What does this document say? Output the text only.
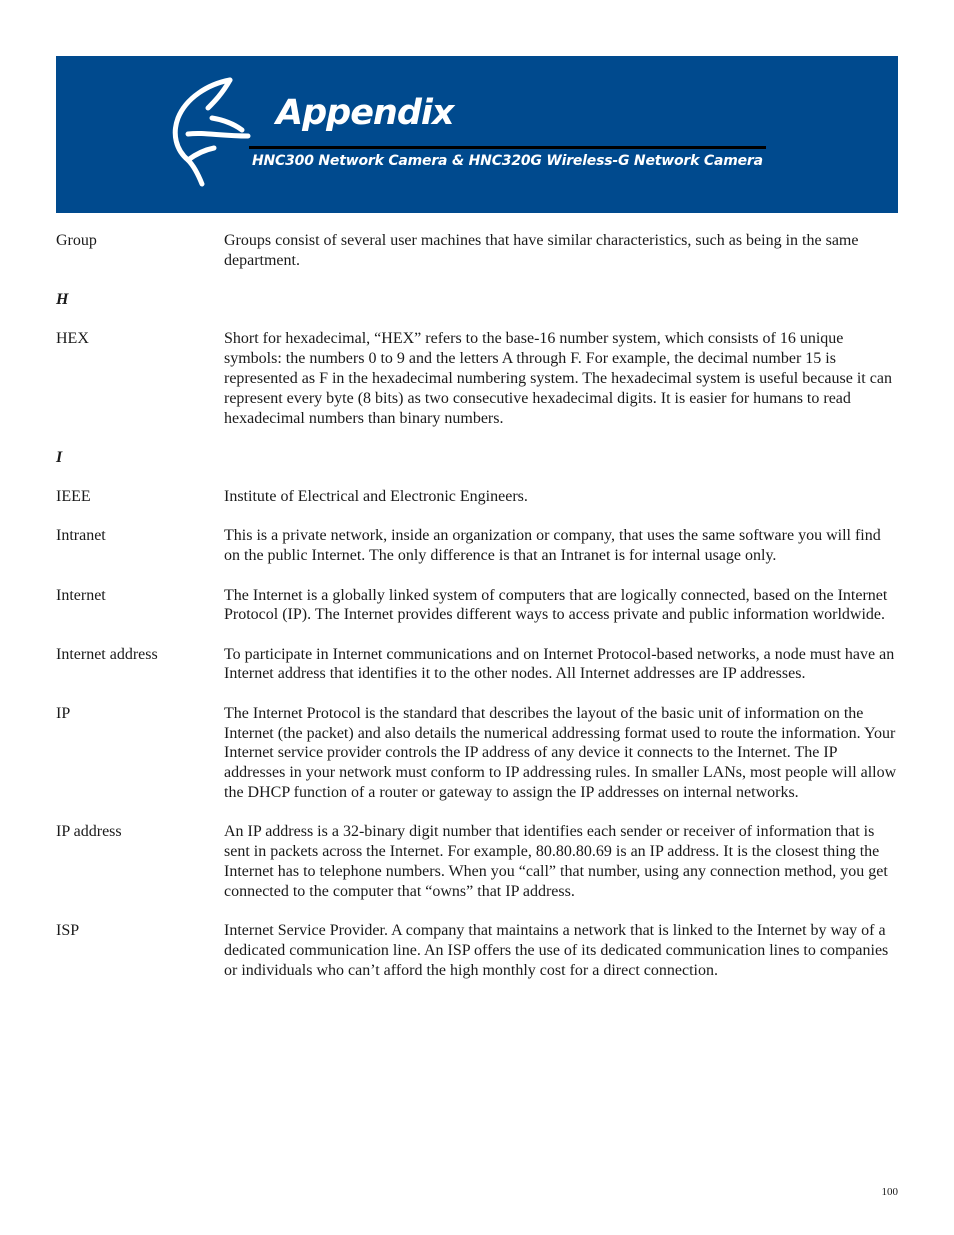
Appendix
HNC300 Network Camera & HNC320G Wireless-G Network Camera
Group	Groups consist of several user machines that have similar characteristics, such as being in the same department.
H
HEX	Short for hexadecimal, “HEX” refers to the base-16 number system, which consists of 16 unique symbols: the numbers 0 to 9 and the letters A through F. For example, the decimal number 15 is represented as F in the hexadecimal numbering system. The hexadecimal system is useful because it can represent every byte (8 bits) as two consecutive hexadecimal digits. It is easier for humans to read hexadecimal numbers than binary numbers.
I
IEEE	Institute of Electrical and Electronic Engineers.
Intranet	This is a private network, inside an organization or company, that uses the same software you will find on the public Internet. The only difference is that an Intranet is for internal usage only.
Internet	The Internet is a globally linked system of computers that are logically connected, based on the Internet Protocol (IP). The Internet provides different ways to access private and public information worldwide.
Internet address	To participate in Internet communications and on Internet Protocol-based networks, a node must have an Internet address that identifies it to the other nodes. All Internet addresses are IP addresses.
IP	The Internet Protocol is the standard that describes the layout of the basic unit of information on the Internet (the packet) and also details the numerical addressing format used to route the information. Your Internet service provider controls the IP address of any device it connects to the Internet. The IP addresses in your network must conform to IP addressing rules. In smaller LANs, most people will allow the DHCP function of a router or gateway to assign the IP addresses on internal networks.
IP address	An IP address is a 32-binary digit number that identifies each sender or receiver of information that is sent in packets across the Internet. For example, 80.80.80.69 is an IP address. It is the closest thing the Internet has to telephone numbers. When you “call” that number, using any connection method, you get connected to the computer that “owns” that IP address.
ISP	Internet Service Provider. A company that maintains a network that is linked to the Internet by way of a dedicated communication line. An ISP offers the use of its dedicated communication lines to companies or individuals who can’t afford the high monthly cost for a direct connection.
100
